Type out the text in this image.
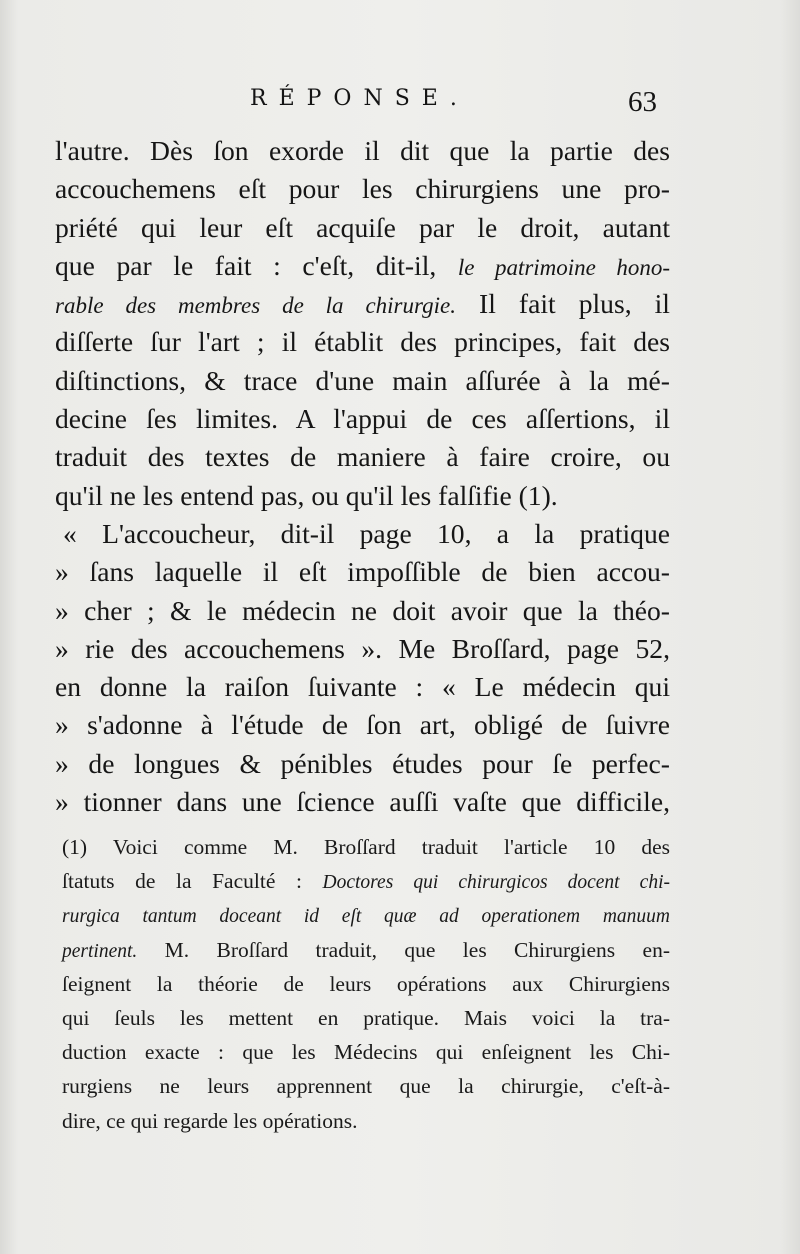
RÉPONSE.	63
l'autre. Dès ſon exorde il dit que la partie des
accouchemens eſt pour les chirurgiens une pro-
priété qui leur eſt acquiſe par le droit, autant
que par le fait : c'eſt, dit-il, le patrimoine hono-
rable des membres de la chirurgie. Il fait plus, il
diſſerte ſur l'art ; il établit des principes, fait des
diſtinctions, & trace d'une main aſſurée à la mé-
decine ſes limites. A l'appui de ces aſſertions, il
traduit des textes de maniere à faire croire, ou
qu'il ne les entend pas, ou qu'il les falſifie (1).
« L'accoucheur, dit-il page 10, a la pratique
» ſans laquelle il eſt impoſſible de bien accou-
» cher ; & le médecin ne doit avoir que la théo-
» rie des accouchemens ». Me Broſſard, page 52,
en donne la raiſon ſuivante : « Le médecin qui
» s'adonne à l'étude de ſon art, obligé de ſuivre
» de longues & pénibles études pour ſe perfec-
» tionner dans une ſcience auſſi vaſte que difficile,
(1) Voici comme M. Broſſard traduit l'article 10 des
ſtatuts de la Faculté : Doctores qui chirurgicos docent chi-
rurgica tantum doceant id eſt quæ ad operationem manuum
pertinent. M. Broſſard traduit, que les Chirurgiens en-
ſeignent la théorie de leurs opérations aux Chirurgiens
qui ſeuls les mettent en pratique. Mais voici la tra-
duction exacte : que les Médecins qui enſeignent les Chi-
rurgiens ne leurs apprennent que la chirurgie, c'eſt-à-
dire, ce qui regarde les opérations.
